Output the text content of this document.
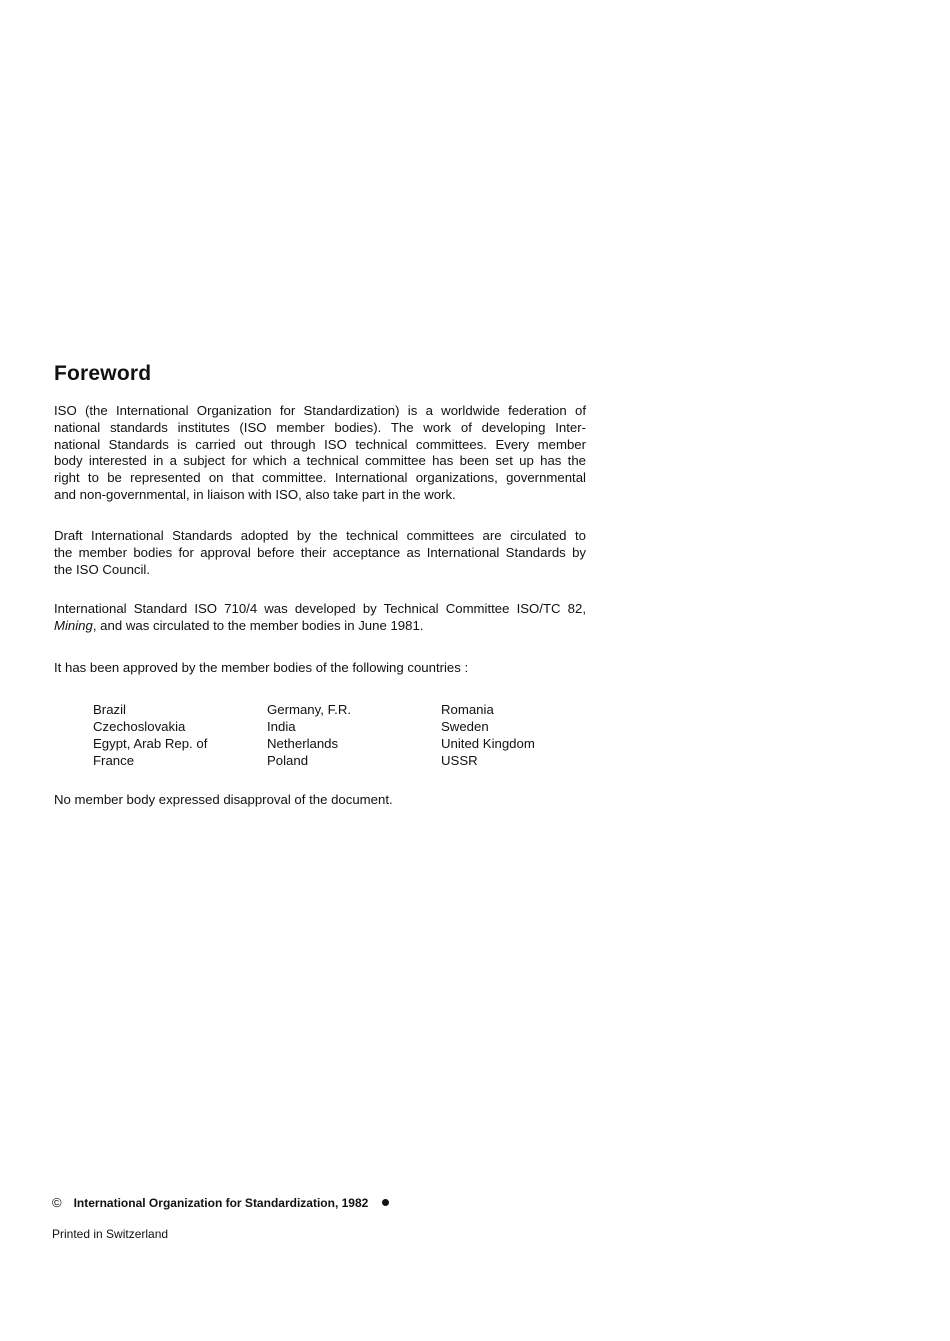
Foreword

ISO (the International Organization for Standardization) is a worldwide federation of
national standards institutes (ISO member bodies). The work of developing Inter-
national Standards is carried out through ISO technical committees. Every member
body interested in a subject for which a technical committee has been set up has the
right to be represented on that committee. International organizations, governmental
and non-governmental, in liaison with ISO, also take part in the work.

Draft International Standards adopted by the technical committees are circulated to
the member bodies for approval before their acceptance as International Standards by
the ISO Council.

International Standard ISO 710/4 was developed by Technical Committee ISO/TC 82,
Mining, and was circulated to the member bodies in June 1981.

It has been approved by the member bodies of the following countries :

Brazil
Czechoslovakia
Egypt, Arab Rep. of
France
Germany, F.R.
India
Netherlands
Poland
Romania
Sweden
United Kingdom
USSR

No member body expressed disapproval of the document.

© International Organization for Standardization, 1982
Printed in Switzerland
